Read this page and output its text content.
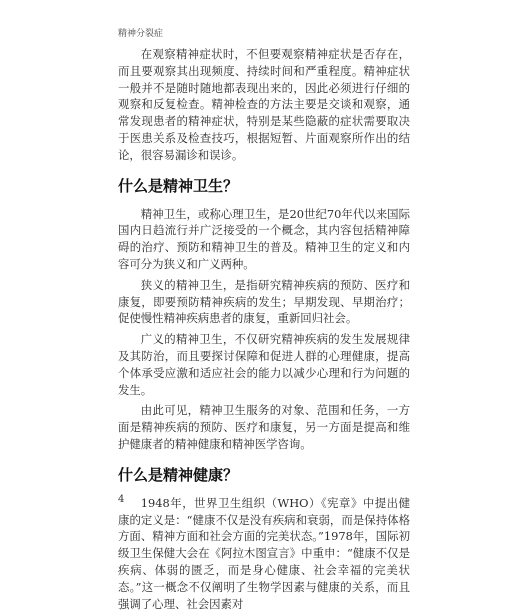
精神分裂症

在观察精神症状时，不但要观察精神症状是否存在，而且要观察其出现频度、持续时间和严重程度。精神症状一般并不是随时随地都表现出来的，因此必须进行仔细的观察和反复检查。精神检查的方法主要是交谈和观察，通常发现患者的精神症状，特别是某些隐蔽的症状需要取决于医患关系及检查技巧，根据短暂、片面观察所作出的结论，很容易漏诊和误诊。

什么是精神卫生？

精神卫生，或称心理卫生，是20世纪70年代以来国际国内日趋流行并广泛接受的一个概念，其内容包括精神障碍的治疗、预防和精神卫生的普及。精神卫生的定义和内容可分为狭义和广义两种。

狭义的精神卫生，是指研究精神疾病的预防、医疗和康复，即要预防精神疾病的发生；早期发现、早期治疗；促使慢性精神疾病患者的康复，重新回归社会。

广义的精神卫生，不仅研究精神疾病的发生发展规律及其防治，而且要探讨保障和促进人群的心理健康，提高个体承受应激和适应社会的能力以减少心理和行为问题的发生。

由此可见，精神卫生服务的对象、范围和任务，一方面是精神疾病的预防、医疗和康复，另一方面是提高和维护健康者的精神健康和精神医学咨询。

什么是精神健康？

1948年，世界卫生组织（WHO）《宪章》中提出健康的定义是：“健康不仅是没有疾病和衰弱，而是保持体格方面、精神方面和社会方面的完美状态。”1978年，国际初级卫生保健大会在《阿拉木图宣言》中重申：“健康不仅是疾病、体弱的匮乏，而是身心健康、社会幸福的完美状态。”这一概念不仅阐明了生物学因素与健康的关系，而且强调了心理、社会因素对

4
